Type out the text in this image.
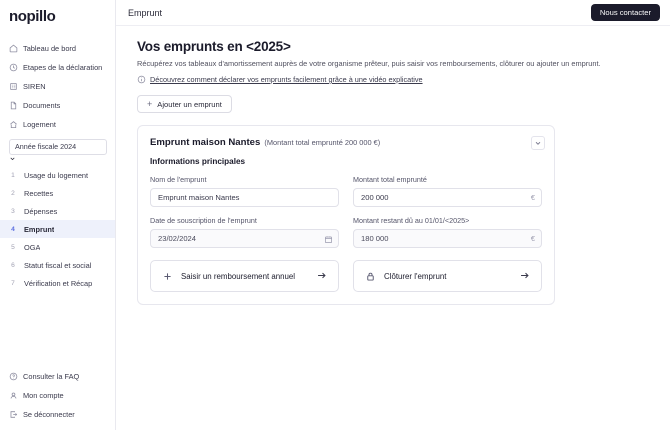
nopillo
Tableau de bord
Etapes de la déclaration
SIREN
Documents
Logement
Année fiscale 2024
1 Usage du logement
2 Recettes
3 Dépenses
4 Emprunt
5 OGA
6 Statut fiscal et social
7 Vérification et Récap
Consulter la FAQ
Mon compte
Se déconnecter
Emprunt	Nous contacter
Vos emprunts en <2025>

Récupérez vos tableaux d'amortissement auprès de votre organisme prêteur, puis saisir vos remboursements, clôturer ou ajouter un emprunt.

Découvrez comment déclarer vos emprunts facilement grâce à une vidéo explicative
+ Ajouter un emprunt
Emprunt maison Nantes (Montant total emprunté 200 000 €)
Informations principales
Nom de l'emprunt
Emprunt maison Nantes
Montant total emprunté
200 000	€
Date de souscription de l'emprunt
23/02/2024
Montant restant dû au 01/01/<2025>
180 000	€
Saisir un remboursement annuel	Clôturer l'emprunt
